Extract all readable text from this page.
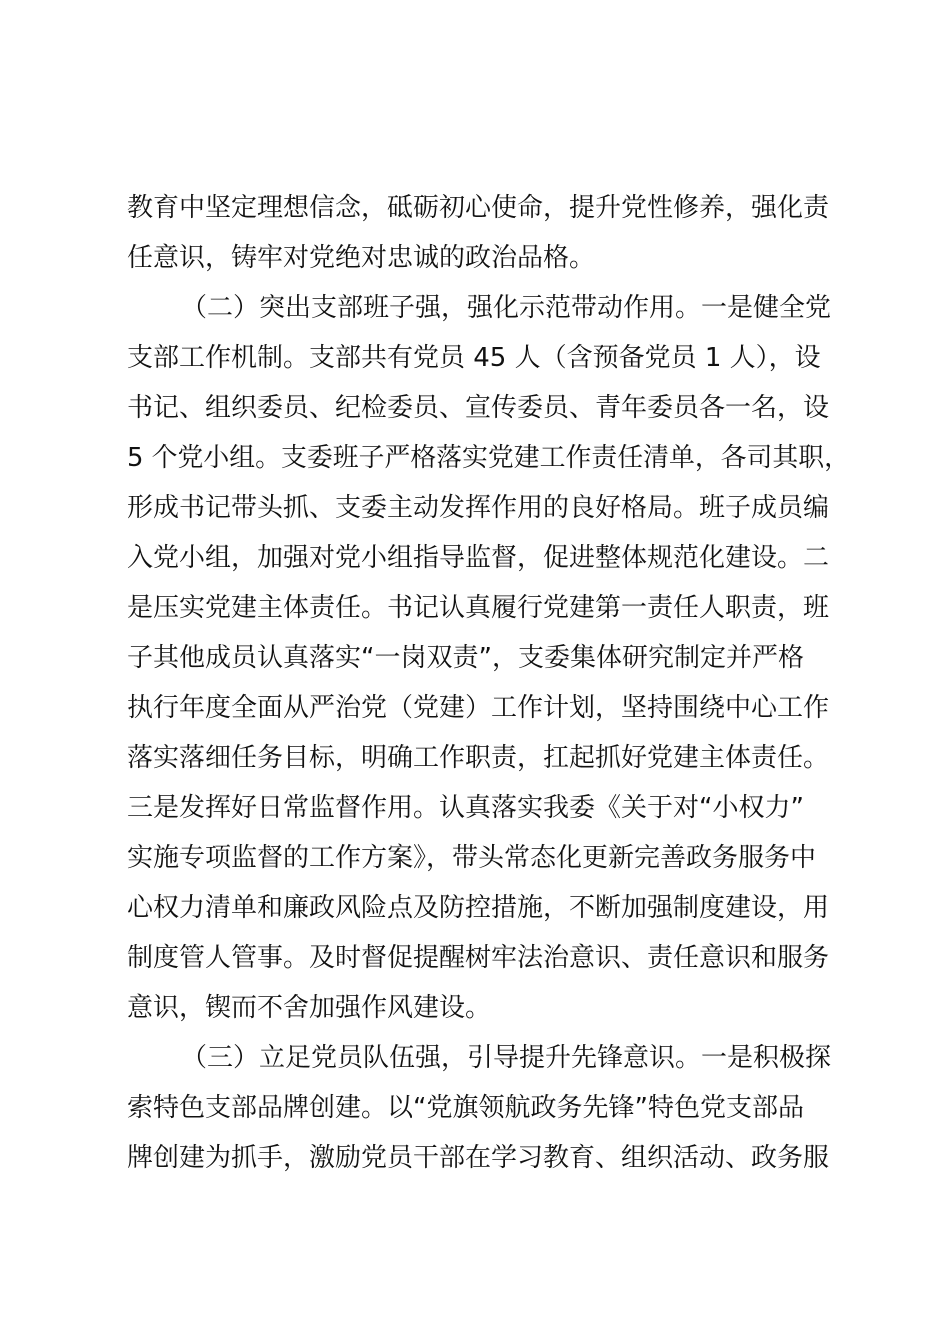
教育中坚定理想信念，砥砺初心使命，提升党性修养，强化责
任意识，铸牢对党绝对忠诚的政治品格。
（二）突出支部班子强，强化示范带动作用。一是健全党
支部工作机制。支部共有党员 45 人（含预备党员 1 人），设
书记、组织委员、纪检委员、宣传委员、青年委员各一名，设
5 个党小组。支委班子严格落实党建工作责任清单，各司其职，
形成书记带头抓、支委主动发挥作用的良好格局。班子成员编
入党小组，加强对党小组指导监督，促进整体规范化建设。二
是压实党建主体责任。书记认真履行党建第一责任人职责，班
子其他成员认真落实“一岗双责”，支委集体研究制定并严格
执行年度全面从严治党（党建）工作计划，坚持围绕中心工作
落实落细任务目标，明确工作职责，扛起抓好党建主体责任。
三是发挥好日常监督作用。认真落实我委《关于对“小权力”
实施专项监督的工作方案》，带头常态化更新完善政务服务中
心权力清单和廉政风险点及防控措施，不断加强制度建设，用
制度管人管事。及时督促提醒树牢法治意识、责任意识和服务
意识，锲而不舍加强作风建设。
（三）立足党员队伍强，引导提升先锋意识。一是积极探
索特色支部品牌创建。以“党旗领航政务先锋”特色党支部品
牌创建为抓手，激励党员干部在学习教育、组织活动、政务服
